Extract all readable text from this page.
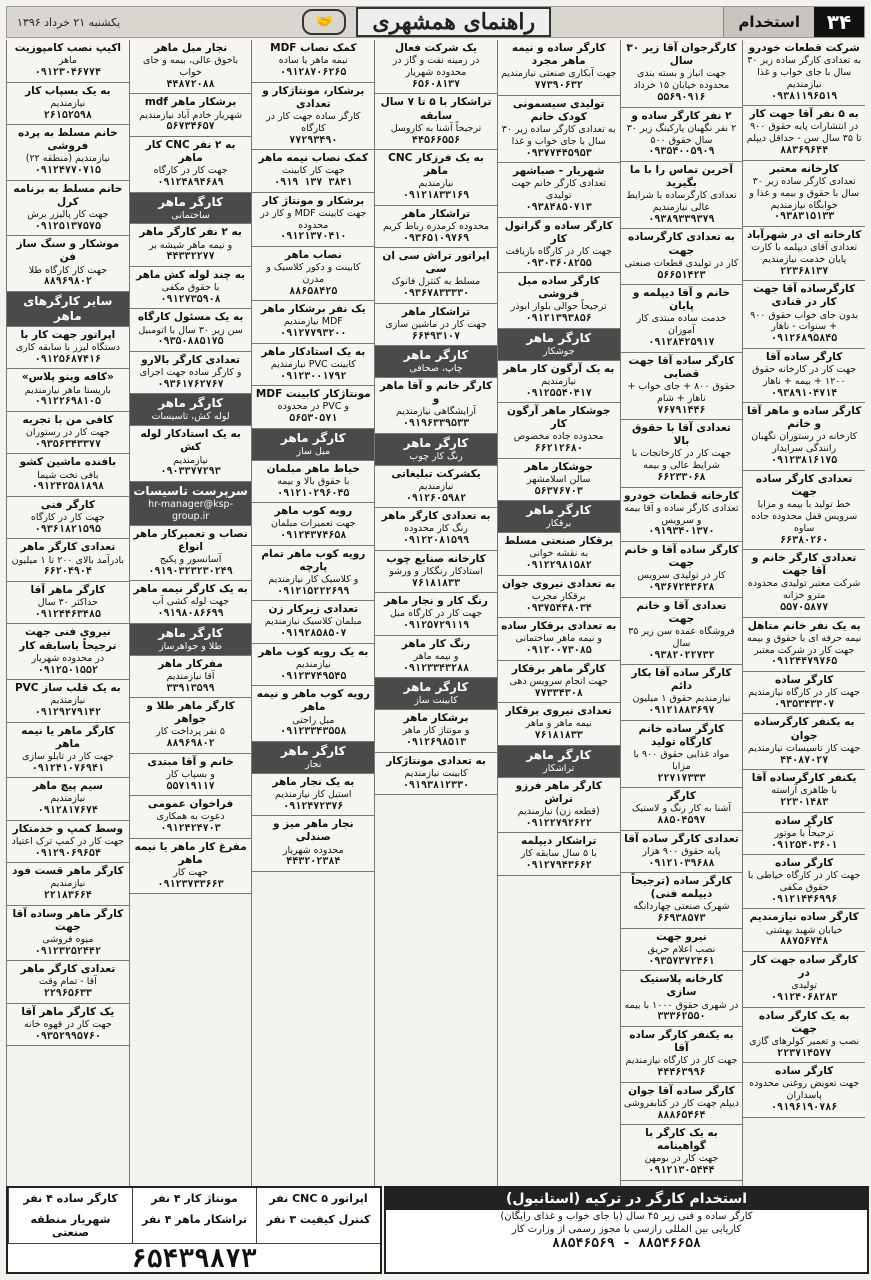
۳۴
استخدام
راهنمای همشهری
🤝
یکشنبه ۲۱ خرداد ۱۳۹۶
شرکت قطعات خودرو
به تعدادی کارگر ساده زیر ۳۰ سال با جای خواب و غذا نیازمندیم
۰۹۳۸۱۱۹۶۵۱۹
به ۵ نفر آقا جهت کار
در انتشارات پایه حقوق ۹۰۰ تا ۳۵ سال سن - حداقل دیپلم
۸۸۳۶۹۶۴۴
کارخانه معتبر
تعدادی کارگر ساده زیر ۳۰ سال با حقوق و بیمه و غذا و خوابگاه نیازمندیم
۰۹۳۸۳۱۵۱۳۳
کارخانه ای در شهرآباد
تعدادی آقای دیپلمه با کارت پایان خدمت نیازمندیم
۲۲۳۶۸۱۳۷
کارگرساده آقا جهت کار در قنادی
بدون جای خواب حقوق ۹۰۰ + سنوات - ناهار
۰۹۱۲۶۸۹۵۸۴۵
کارگر ساده آقا
جهت کار در کارخانه حقوق ۱۲۰۰ + بیمه + ناهار
۰۹۳۸۹۱۰۴۷۱۴
کارگر ساده و ماهر آقا و خانم
کارخانه در رستوران نگهبان رانندگی سرایدار
۰۹۱۲۳۸۱۶۱۷۵
تعدادی کارگر ساده جهت
خط تولید با بیمه و مزایا سرویس قفل محدوده جاده ساوه
۶۶۳۸۰۲۶۰
تعدادی کارگر خانم و آقا جهت
شرکت معتبر تولیدی محدوده مترو خزانه
۵۵۷۰۵۸۷۷
به یک نفر خانم متاهل
نیمه حرفه ای با حقوق و بیمه جهت کار در شرکت معتبر
۰۹۱۲۴۴۷۹۷۶۵
کارگر ساده
جهت کار در کارگاه نیازمندیم
۰۹۳۵۳۴۳۳۰۷
به یکنفر کارگرساده جوان
جهت کار تاسیسات نیازمندیم
۴۴۰۸۷۰۲۷
یکنفر کارگرساده آقا
با ظاهری آراسته
۲۲۳۰۱۴۸۳
کارگر ساده
ترجیحاً با موتور
۰۹۱۲۵۴۰۳۶۰۱
کارگر ساده
جهت کار در کارگاه خیاطی با حقوق مکفی
۰۹۱۲۱۴۴۶۹۹۶
کارگر ساده نیازمندیم
خیابان شهید بهشتی
۸۸۷۵۶۷۴۸
کارگر ساده جهت کار در
تولیدی
۰۹۱۲۴۰۶۸۲۸۳
به یک کارگر ساده جهت
نصب و تعمیر کولرهای گازی
۲۲۳۷۱۴۵۷۷
کارگر ساده
جهت تعویض روغنی محدوده پاسداران
۰۹۱۹۶۱۹۰۷۸۶
کارگرجوان آقا زیر ۳۰ سال
جهت انبار و بسته بندی محدوده خیابان ۱۵ خرداد
۵۵۶۹۰۹۱۶
۲ نفر کارگر ساده و
۲ نفر نگهبان پارکینگ زیر ۳۰ سال حقوق ۵۰۰
۰۹۳۵۴۰۰۵۹۰۹
آخرین تماس را با ما بگیرید
تعدادی کارگرساده با شرایط عالی نیازمندیم
۰۹۳۸۹۳۳۹۳۷۹
به تعدادی کارگرساده جهت
کار در تولیدی قطعات صنعتی
۵۶۶۵۱۴۲۳
خانم و آقا دیپلمه و پایان
خدمت ساده مبتدی کار آموزان
۰۹۱۲۸۴۲۵۹۱۷
کارگر ساده آقا جهت قصابی
حقوق ۸۰۰ + جای خواب + ناهار + شام
۷۶۷۹۱۴۴۶
تعدادی آقا با حقوق بالا
جهت کار در کارخانجات با شرایط عالی و بیمه
۶۶۲۳۳۰۶۸
کارخانه قطعات خودرو
تعدادی کارگر ساده و آقا بیمه و سرویس
۰۹۱۹۳۴۰۱۳۷۰
کارگر ساده آقا و خانم جهت
کار در تولیدی سرویس
۰۹۳۶۷۲۴۳۶۲۸
تعدادی آقا و خانم جهت
فروشگاه عمده سن زیر ۳۵ سال
۰۹۳۸۲۰۲۲۷۳۲
کارگر ساده آقا بکار دائم
نیازمندیم حقوق ۱ میلیون
۰۹۱۲۱۸۸۳۶۹۷
کارگر ساده خانم کارگاه تولید
مواد غذایی حقوق ۹۰۰ با مزایا
۲۲۷۱۷۳۳۳
کارگر
آشنا به کار رنگ و لاستیک
۸۸۵۰۴۵۹۷
تعدادی کارگر ساده آقا
پایه حقوق ۹۰۰ هزار
۰۹۱۲۱۰۳۹۶۸۸
کارگر ساده (ترجیحاً دیپلمه فنی)
شهرک صنعتی چهاردانگه
۶۶۹۳۸۵۷۳
نیرو جهت
نصب اعلام حریق
۰۹۳۵۷۳۷۲۴۶۱
کارخانه پلاستیک سازی
در شهری حقوق ۱۰۰۰ با بیمه
۳۳۳۶۲۵۵۰
به یکنفر کارگر ساده آقا
جهت کار در کارگاه نیازمندیم
۴۴۴۶۳۹۹۶
کارگر ساده آقا جوان
دیپلم جهت کار در کتابفروشی
۸۸۸۶۵۴۶۴
به یک کارگر با گواهینامه
جهت کار در بومهن
۰۹۱۲۱۳۰۵۴۴۴
کارگر ساده و نیمه ماهر مجرد
جهت آبکاری صنعتی نیازمندیم
۷۷۳۹۰۶۳۲
تولیدی سیسمونی کودک خانم
به تعدادی کارگر ساده زیر ۳۰ سال با جای خواب و غذا
۰۹۳۷۷۴۴۵۹۵۳
شهریار - صباشهر
تعدادی کارگر خانم جهت تولیدی
۰۹۳۸۴۸۵۰۷۱۳
کارگر ساده و گرانول کار
جهت کار در کارگاه بازیافت
۰۹۳۰۳۶۰۸۲۵۵
کارگر ساده مبل فروشی
ترجیحاً حوالی بلوار ابوذر
۰۹۱۲۱۳۹۳۸۵۶
کارگر ماهر
جوشکار
به یک آرگون کار ماهر
نیازمندیم
۰۹۱۲۵۵۴۰۴۱۷
جوشکار ماهر آرگون کار
محدوده جاده مخصوص
۶۶۲۱۲۶۸۰
جوشکار ماهر
سالن اسلامشهر
۵۶۳۷۶۷۰۳
کارگر ماهر
برقکار
برقکار صنعتی مسلط
به نقشه خوانی
۰۹۱۲۲۹۸۱۵۸۲
به تعدادی نیروی جوان
برقکار مجرب
۰۹۳۷۵۴۴۸۰۳۴
به تعدادی برقکار ساده
و نیمه ماهر ساختمانی
۰۹۱۲۰۰۷۳۰۸۵
کارگر ماهر برقکار
جهت انجام سرویس دهی
۷۷۳۳۴۳۰۸
تعدادی نیروی برقکار
نیمه ماهر و ماهر
۷۶۱۸۱۸۳۳
کارگر ماهر
تراشکار
کارگر ماهر فرزو تراش
(قطعه زن) نیازمندیم
۰۹۱۲۲۷۹۲۶۲۲
تراشکار دیپلمه
با ۵ سال سابقه کار
۰۹۱۲۷۹۴۳۶۶۲
یک شرکت فعال
در زمینه نفت و گاز در محدوده شهریار
۶۵۶۰۸۱۳۷
تراشکار با ۵ تا ۷ سال سابقه
ترجیحاً آشنا به کاروسل
۴۴۵۶۶۵۵۶
به یک فرزکار CNC ماهر
نیازمندیم
۰۹۱۲۱۸۳۳۱۶۹
تراشکار ماهر
محدوده کرمدره رباط کریم
۰۹۳۶۵۱۰۹۷۶۹
اپراتور تراش سی ان سی
مسلط به کنترل فانوک
۰۹۳۶۷۸۳۳۳۳۰
تراشکار ماهر
جهت کار در ماشین سازی
۶۶۴۹۳۱۰۷
کارگر ماهر
چاپ، صحافی
کارگر خانم و آقا ماهر و
آرایشگاهی نیازمندیم
۰۹۱۹۶۳۳۹۵۳۳
کارگر ماهر
رنگ کار چوب
یکشرکت تبلیغاتی
نیازمندیم
۰۹۱۲۶۰۵۹۸۲
به تعدادی کارگر ماهر
رنگ کار محدوده
۰۹۱۲۲۰۸۱۵۹۹
کارخانه صنایع چوب
استادکار رنگکار و ورشو
۷۶۱۸۱۸۳۳
رنگ کار و نجار ماهر
جهت کار در کارگاه مبل
۰۹۱۲۵۷۲۹۱۱۹
رنگ کار ماهر
و نیمه ماهر
۰۹۱۲۳۳۴۳۲۸۸
کارگر ماهر
کابینت ساز
برشکار ماهر
و مونتاژ کار ماهر
۰۹۱۲۶۹۸۵۱۳
به تعدادی مونتاژکار
کابینت نیازمندیم
۰۹۱۹۳۸۱۲۳۳۰
کمک نصاب MDF
نیمه ماهر یا ساده
۰۹۱۲۸۷۰۶۲۶۵
برشکار، مونتاژکار و تعدادی
کارگر ساده جهت کار در کارگاه
۷۷۲۹۳۴۹۰
کمک نصاب نیمه ماهر
جهت کار کابینت
۰۹۱۹ ۱۳۷ ۳۸۴۱
برشکار و مونتاژ کار
جهت کابینت MDF و کار در محدوده
۰۹۱۲۱۳۷۰۴۱۰
نصاب ماهر
کابینت و دکور کلاسیک و مدرن
۸۸۶۵۸۴۲۵
یک نفر برشکار ماهر
MDF نیازمندیم
۰۹۱۲۷۷۹۳۲۰۰
به یک استادکار ماهر
کابینت PVC نیازمندیم
۰۹۱۲۳۰۰۱۷۹۲
مونتاژکار کابینت MDF
و PVC در محدوده
۵۶۵۳۰۵۷۱
کارگر ماهر
مبل ساز
خیاط ماهر مبلمان
با حقوق بالا و بیمه
۰۹۱۲۱۰۲۹۶۰۴۵
رویه کوب ماهر
جهت تعمیرات مبلمان
۰۹۱۲۴۳۷۴۶۵۸
رویه کوب ماهر تمام پارچه
و کلاسیک کار نیازمندیم
۰۹۱۲۱۵۲۲۲۶۹۹
تعدادی زیرکار زن
مبلمان کلاسیک نیازمندیم
۰۹۱۹۲۸۵۸۵۰۷
به یک رویه کوب ماهر
نیازمندیم
۰۹۱۲۳۷۴۹۵۴۵
رویه کوب ماهر و نیمه ماهر
مبل راحتی
۰۹۱۲۳۳۴۳۵۵۸
کارگر ماهر
نجار
به یک نجار ماهر
استیل کار نیازمندیم
۰۹۱۲۴۷۲۳۷۶
نجار ماهر میز و صندلی
محدوده شهریار
۴۴۳۲۰۲۳۸۴
نجار مبل ماهر
باخوق عالی، بیمه و جای خواب
۴۴۸۷۲۰۸۸
برشکار ماهر mdf
شهریار خادم آباد نیازمندیم
۵۶۷۳۴۶۵۷
به ۲ نفر CNC کار ماهر
جهت کار در کارگاه
۰۹۱۲۴۸۹۴۶۸۹
کارگر ماهر
ساختمانی
به ۲ نفر کارگر ماهر
و نیمه ماهر شیشه بر
۴۴۳۳۲۲۷۷
به چند لوله کش ماهر
با حقوق مکفی
۰۹۱۲۷۳۵۹۰۸
به یک مسئول کارگاه
سن زیر ۳۰ سال با اتومبیل
۰۹۳۵۰۸۸۵۱۷۵
تعدادی کارگر بالارو
و کارگر ساده جهت اجرای
۰۹۳۶۱۷۶۲۷۶۷
کارگر ماهر
لوله کش، تاسیسات
به یک استادکار لوله کش
نیازمندیم
۰۹۰۳۳۷۷۲۹۳
سرپرست تاسیسات
hr-manager@ksp-group.ir
نصاب و تعمیرکار ماهر انواع
آسانسور و پکیج
۰۹۱۹۰۳۲۳۲۳۰۲۴۹
به یک کارگر نیمه ماهر
جهت لوله کشی آب
۰۹۱۹۸۰۸۶۶۹۹
کارگر ماهر
طلا و جواهرساز
مفرکار ماهر
آقا نیازمندیم
۳۳۹۱۳۵۹۹
کارگر ماهر طلا و جواهر
۵ نفر پرداخت کار
۸۸۹۶۹۸۰۲
خانم و آقا مبتدی
و بسپاب کار
۵۵۷۱۹۱۱۷
فراخوان عمومی
دعوت به همکاری
۰۹۱۲۴۲۴۷۰۳
مفرغ کار ماهر یا نیمه ماهر
جهت کار
۰۹۱۲۳۷۳۳۶۶۳
اکیپ نصب کامپوزیت
ماهر
۰۹۱۲۳۰۴۶۷۷۴
به یک بسپاب کار
نیازمندیم
۲۶۱۵۲۵۹۸
خانم مسلط به پرده فروشی
نیازمندیم (منطقه ۲۲)
۰۹۱۲۴۷۷۰۷۱۵
خانم مسلط به برنامه کرل
جهت کار پالیزر برش
۰۹۱۲۵۱۳۷۵۷۵
موشکار و سنگ ساز فن
جهت کار کارگاه طلا
۸۸۹۶۹۸۰۲
سایر کارگرهای ماهر
اپراتور جهت کار با
دستگاه لیزر با سابقه کاری
۰۹۱۲۵۶۸۷۴۱۶
«کافه وینو پلاس»
باریستا ماهر نیازمندیم
۰۹۱۲۲۶۹۸۱۰۵
کافی من با تجربه
جهت کار در رستوران
۰۹۳۵۶۳۴۳۳۷۷
بافنده ماشین کشو
بافی تخت شیما
۰۹۱۲۴۲۵۸۱۸۹۸
کارگر فنی
جهت کار در کارگاه
۰۹۳۶۱۸۲۱۵۹۵
تعدادی کارگر ماهر
بادرآمد بالای ۲۰۰ تا ۱ میلیون
۶۶۲۰۴۹۰۴
کارگر ماهر آقا
حداکثر ۳۰ سال
۰۹۱۲۴۴۶۳۴۸۵
نیروی فنی جهت ترجیحاً باسابقه کار
در محدوده شهریار
۰۹۱۲۵۰۱۵۵۲
به یک قلب ساز PVC
نیازمندیم
۰۹۱۲۹۲۷۹۱۴۲
کارگر ماهر یا نیمه ماهر
جهت کار در تابلو سازی
۰۹۱۲۴۱۰۷۶۹۴۱
سیم پیچ ماهر
نیازمندیم
۰۹۱۲۸۱۷۶۷۴
وسط کمپ و خدمتکار
جهت کار در کمپ ترک اعتیاد
۰۹۱۲۹۰۶۹۶۵۴
کارگر ماهر قست فود
نیازمندیم
۲۲۱۸۳۶۶۴
کارگر ماهر وساده آقا جهت
میوه فروشی
۰۹۱۲۳۲۵۲۴۴۲
تعدادی کارگر ماهر
آقا - تمام وقت
۲۲۹۶۵۶۳۳
یک کارگر ماهر آقا
جهت کار در قهوه خانه
۰۹۳۵۲۹۹۵۷۶۰
استخدام کارگر در ترکیه (استانبول)
کارگر ساده و فنی زیر ۴۵ سال (با جای خواب و غذای رایگان)
کاریابی بین المللی رازسی با مجوز رسمی از وزارت کار
۸۸۵۴۶۵۶۹ - ۸۸۵۴۶۶۵۸
اپراتور CNC ۵ نفر
مونتاژ کار ۴ نفر
کارگر ساده ۴ نفر
کنترل کیفیت ۳ نفر
تراشکار ماهر ۴ نفر
شهریار منطقه صنعتی
۶۵۴۳۹۸۷۳
